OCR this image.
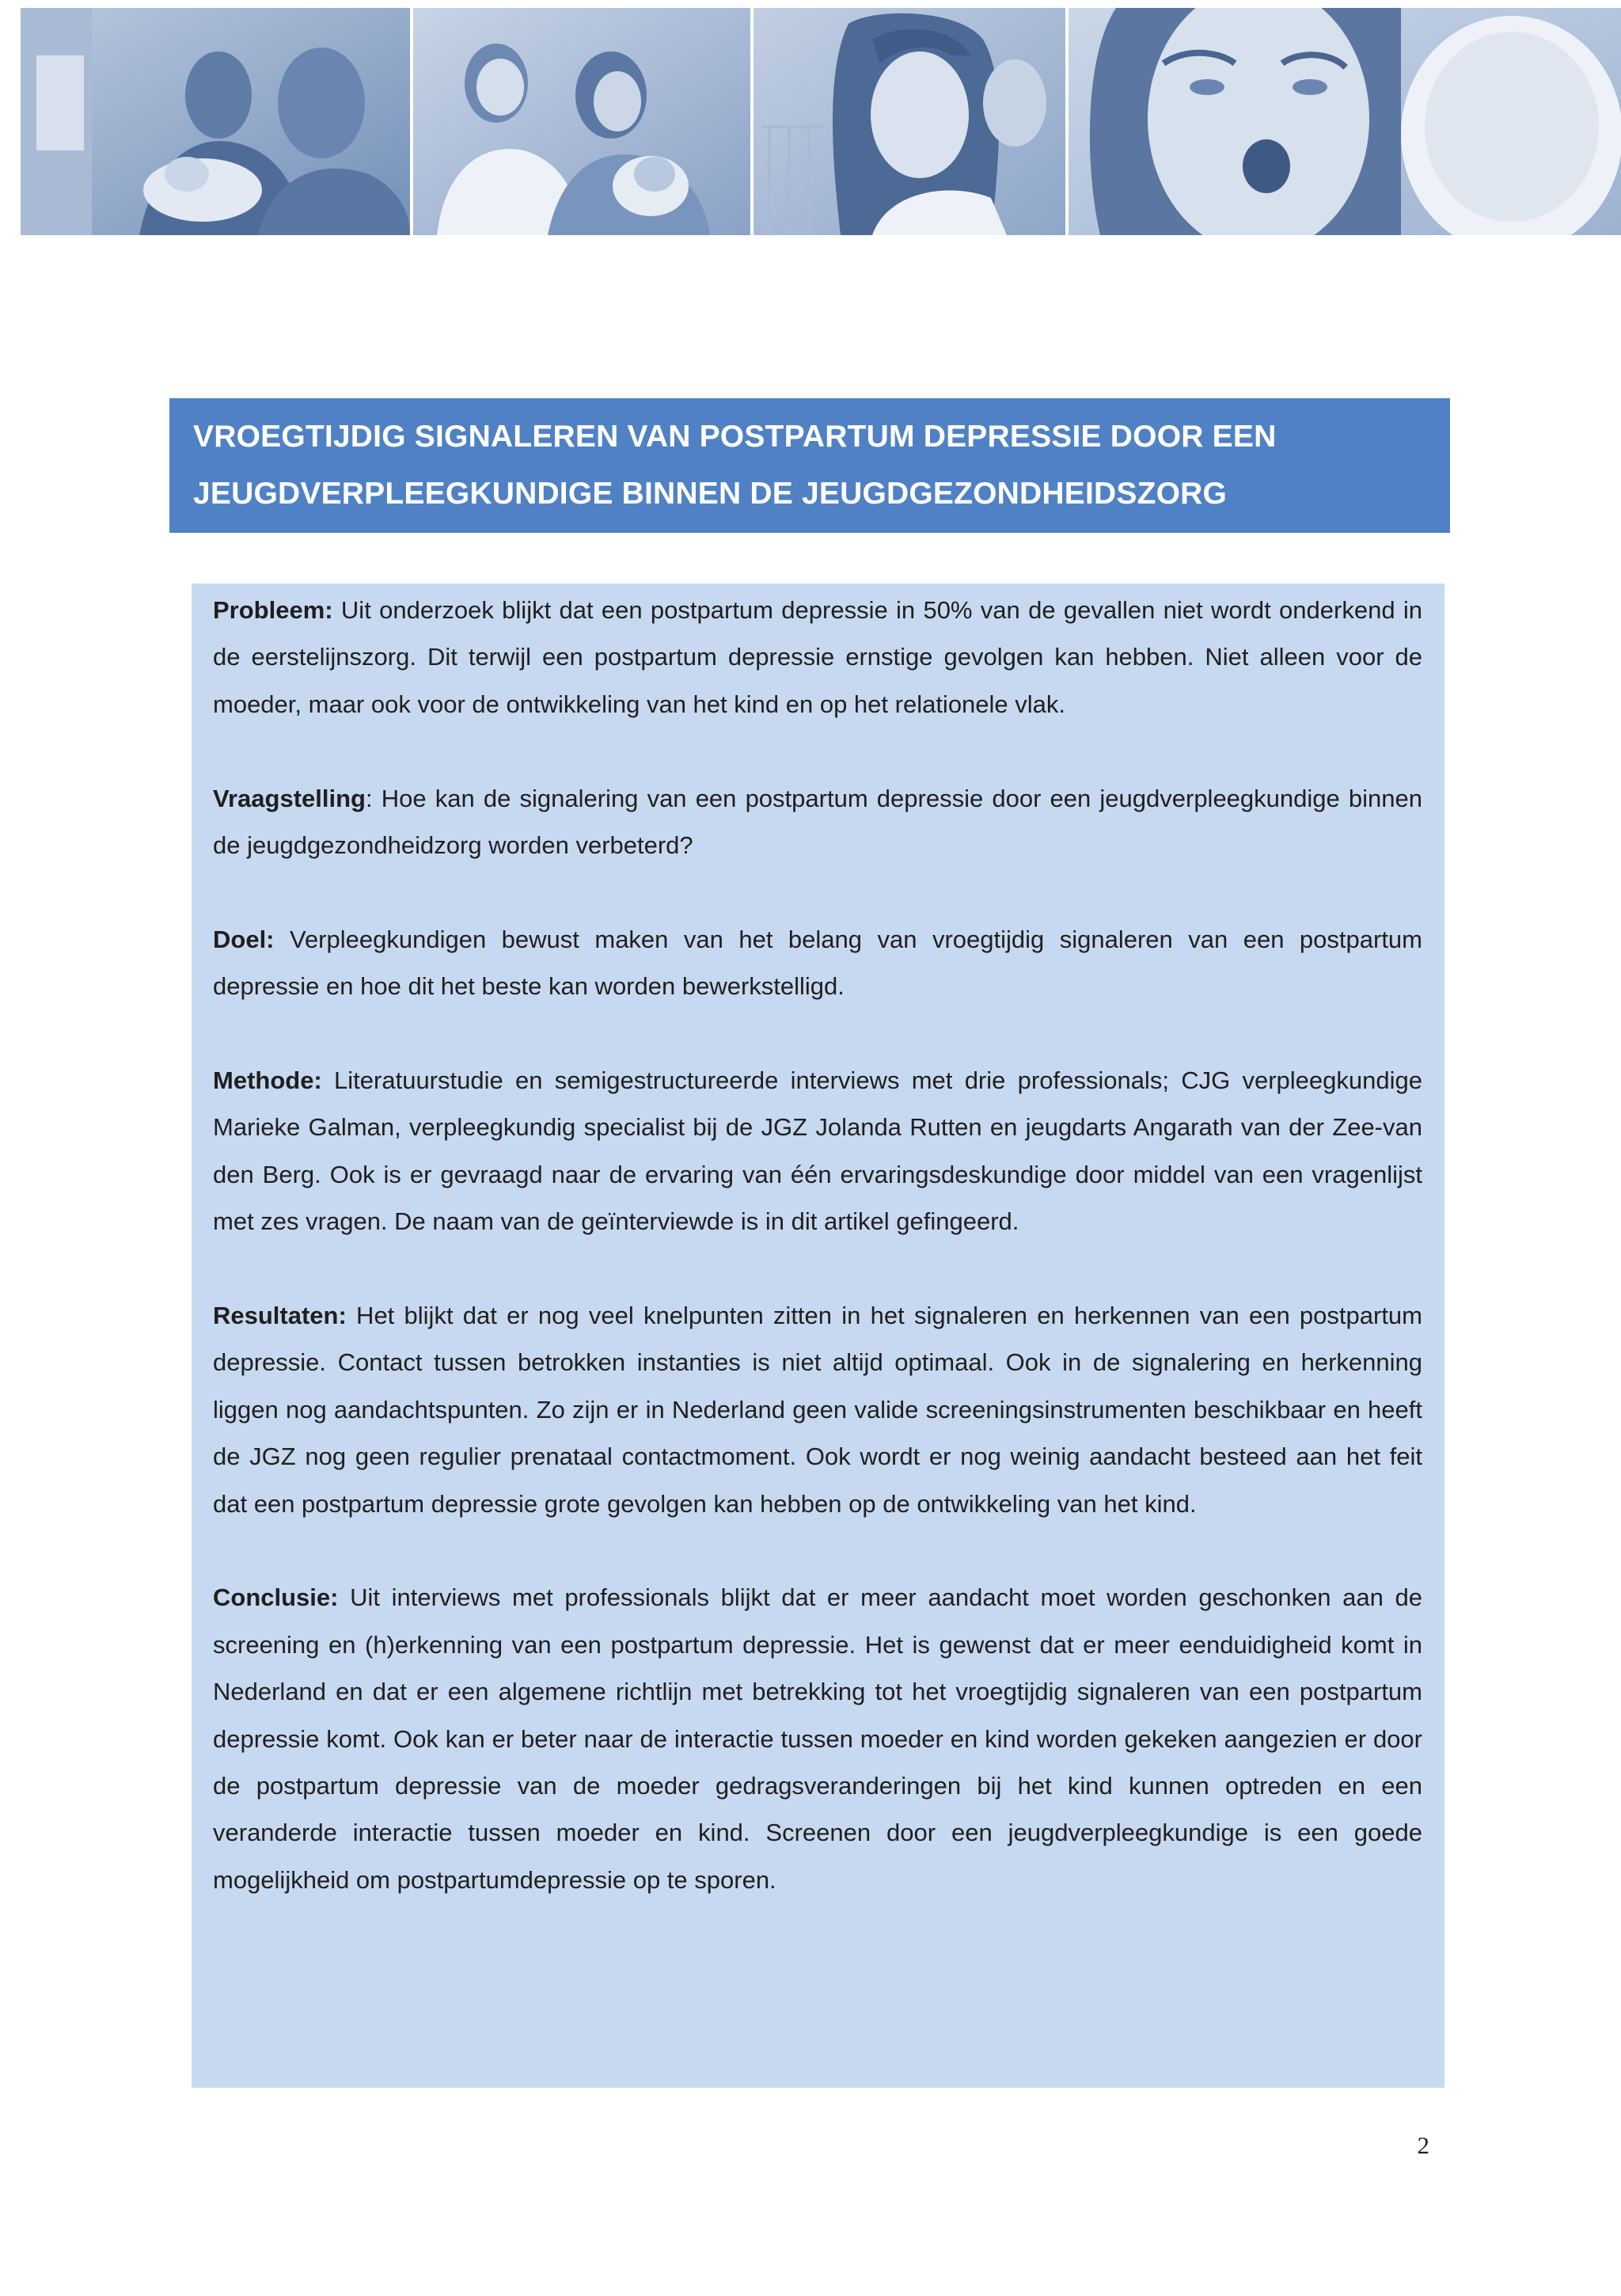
VROEGTIJDIG SIGNALEREN VAN POSTPARTUM DEPRESSIE DOOR EEN
JEUGDVERPLEEGKUNDIGE BINNEN DE JEUGDGEZONDHEIDSZORG

Probleem: Uit onderzoek blijkt dat een postpartum depressie in 50% van de gevallen niet wordt onderkend in de eerstelijnszorg. Dit terwijl een postpartum depressie ernstige gevolgen kan hebben. Niet alleen voor de moeder, maar ook voor de ontwikkeling van het kind en op het relationele vlak.

Vraagstelling: Hoe kan de signalering van een postpartum depressie door een jeugdverpleegkundige binnen de jeugdgezondheidzorg worden verbeterd?

Doel: Verpleegkundigen bewust maken van het belang van vroegtijdig signaleren van een postpartum depressie en hoe dit het beste kan worden bewerkstelligd.

Methode: Literatuurstudie en semigestructureerde interviews met drie professionals; CJG verpleegkundige Marieke Galman, verpleegkundig specialist bij de JGZ Jolanda Rutten en jeugdarts Angarath van der Zee-van den Berg. Ook is er gevraagd naar de ervaring van één ervaringsdeskundige door middel van een vragenlijst met zes vragen. De naam van de geïnterviewde is in dit artikel gefingeerd.

Resultaten: Het blijkt dat er nog veel knelpunten zitten in het signaleren en herkennen van een postpartum depressie. Contact tussen betrokken instanties is niet altijd optimaal. Ook in de signalering en herkenning liggen nog aandachtspunten. Zo zijn er in Nederland geen valide screeningsinstrumenten beschikbaar en heeft de JGZ nog geen regulier prenataal contactmoment. Ook wordt er nog weinig aandacht besteed aan het feit dat een postpartum depressie grote gevolgen kan hebben op de ontwikkeling van het kind.

Conclusie: Uit interviews met professionals blijkt dat er meer aandacht moet worden geschonken aan de screening en (h)erkenning van een postpartum depressie. Het is gewenst dat er meer eenduidigheid komt in Nederland en dat er een algemene richtlijn met betrekking tot het vroegtijdig signaleren van een postpartum depressie komt. Ook kan er beter naar de interactie tussen moeder en kind worden gekeken aangezien er door de postpartum depressie van de moeder gedragsveranderingen bij het kind kunnen optreden en een veranderde interactie tussen moeder en kind. Screenen door een jeugdverpleegkundige is een goede mogelijkheid om postpartumdepressie op te sporen.

2
